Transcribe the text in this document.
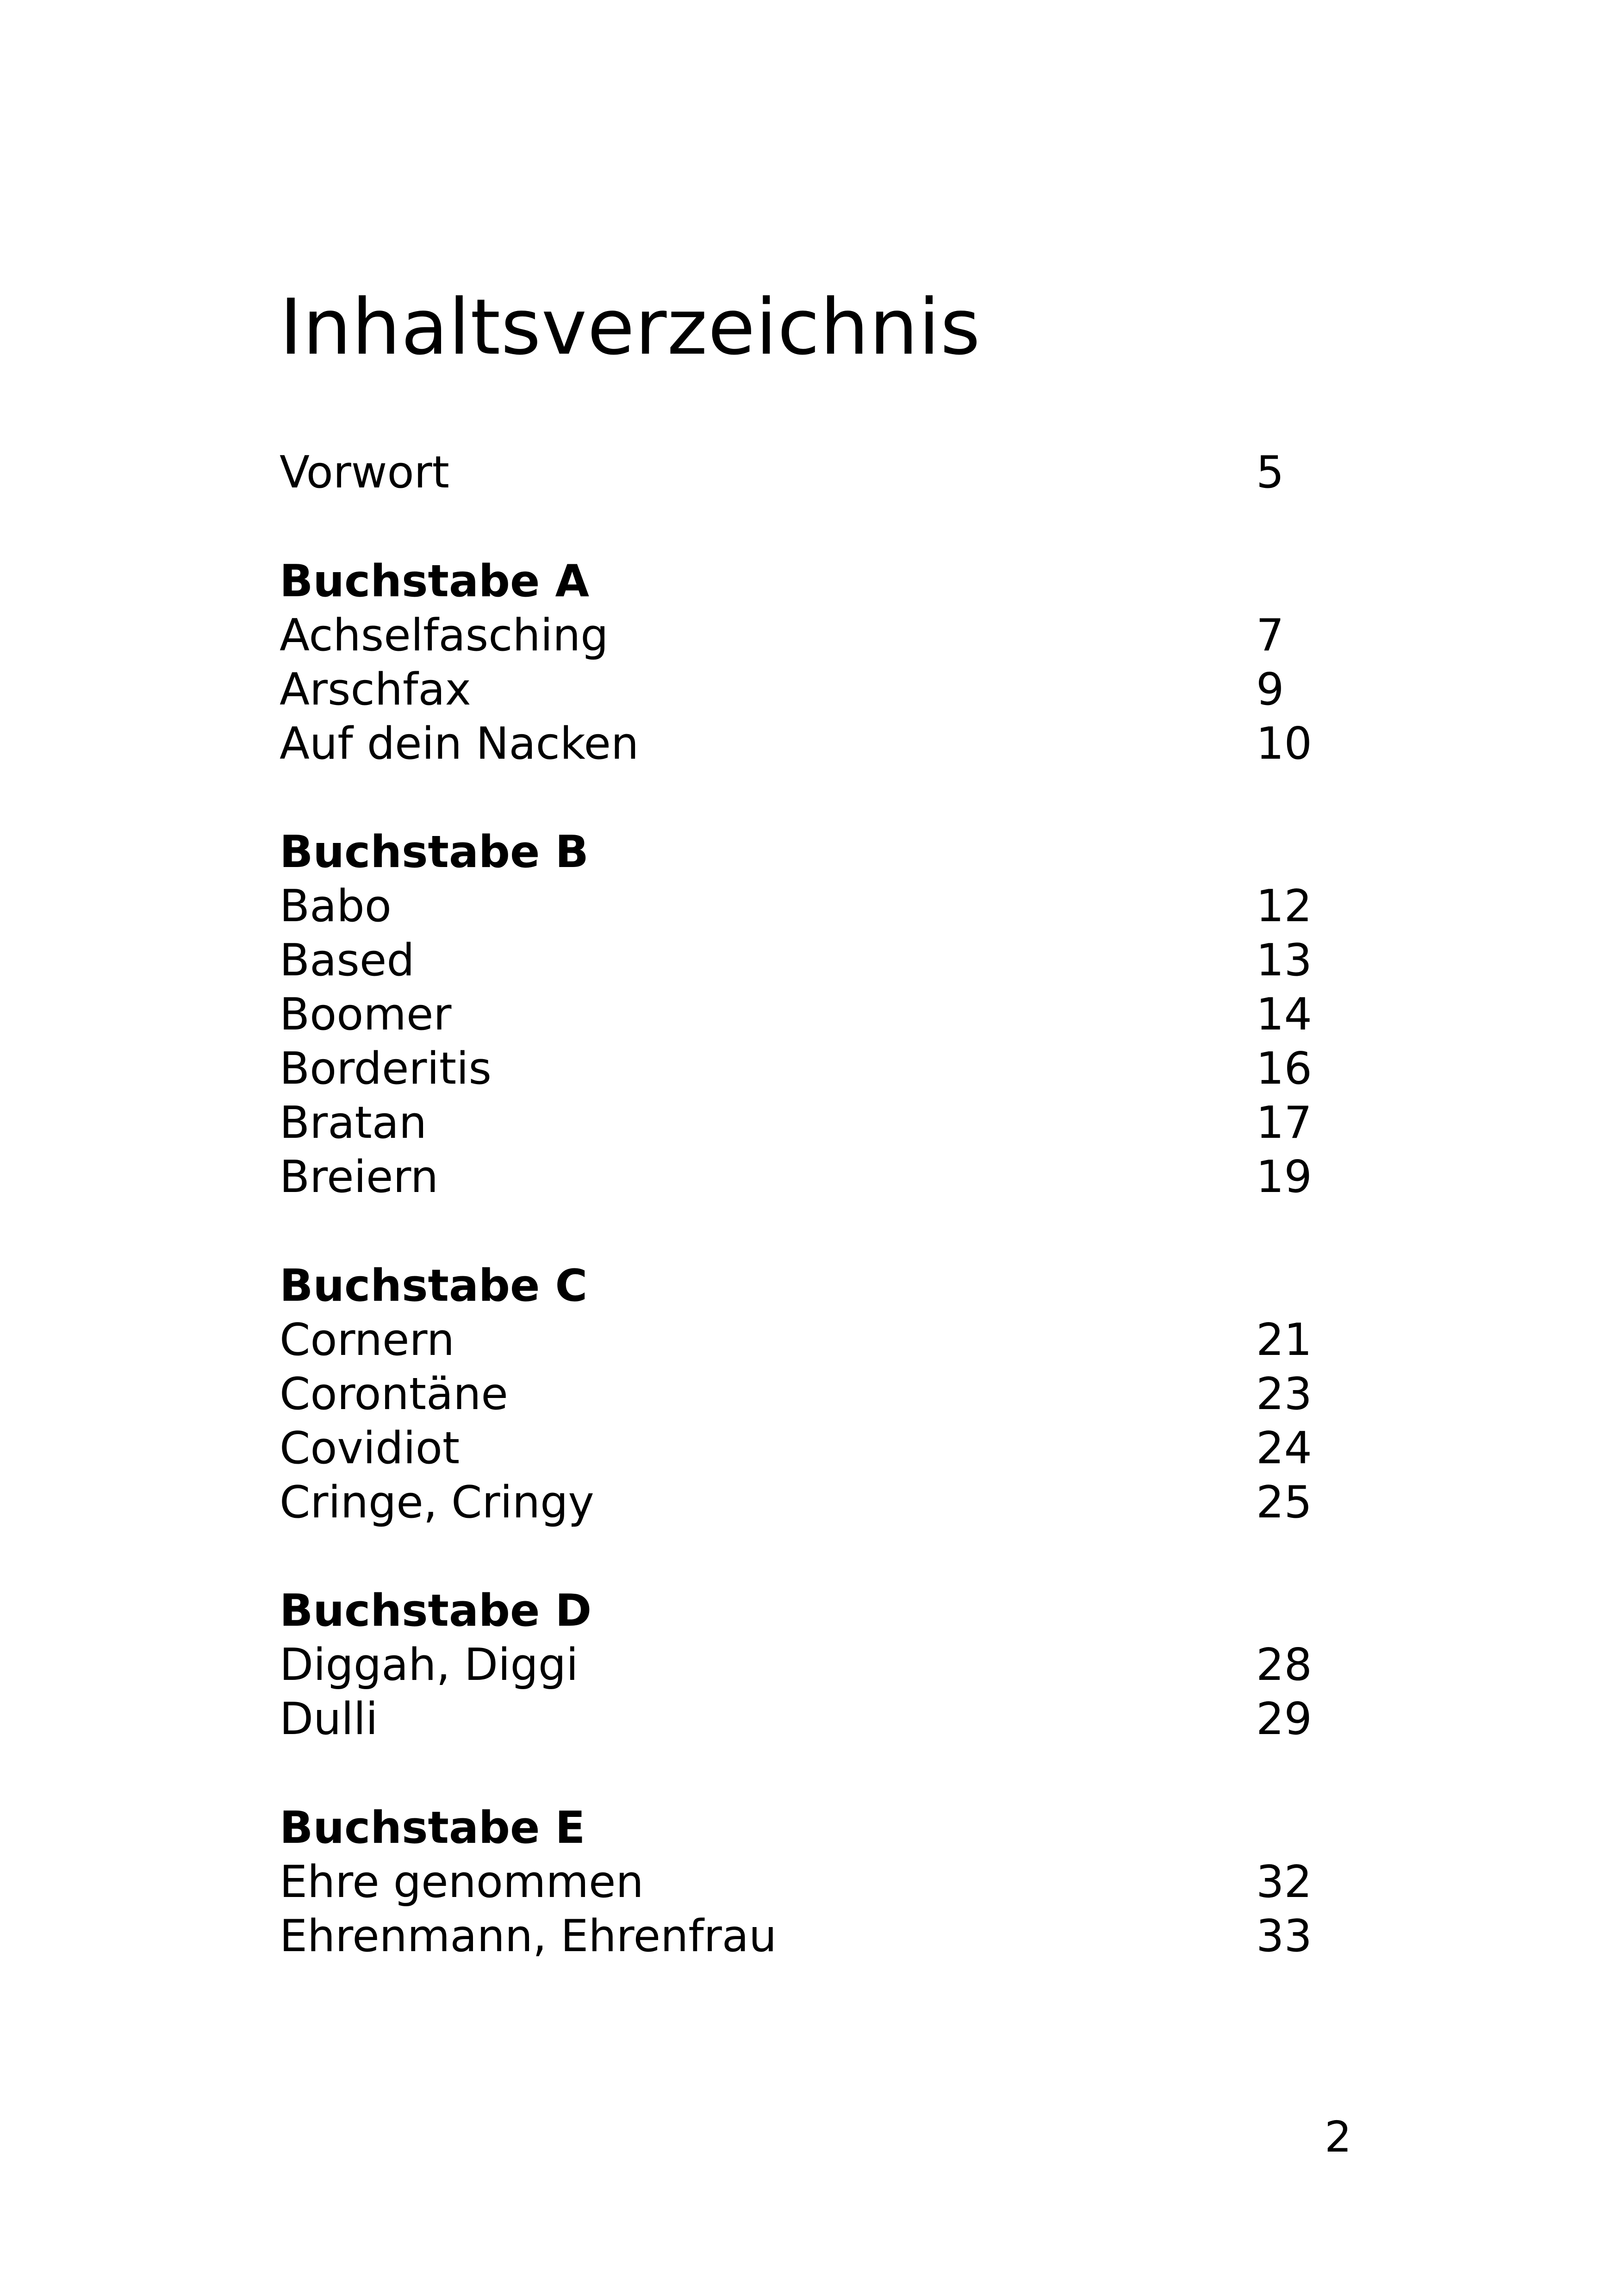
Inhaltsverzeichnis
Vorwort	5
Buchstabe A
Achselfasching	7
Arschfax	9
Auf dein Nacken	10
Buchstabe B
Babo	12
Based	13
Boomer	14
Borderitis	16
Bratan	17
Breiern	19
Buchstabe C
Cornern	21
Corontäne	23
Covidiot	24
Cringe, Cringy	25
Buchstabe D
Diggah, Diggi	28
Dulli	29
Buchstabe E
Ehre genommen	32
Ehrenmann, Ehrenfrau	33
2
